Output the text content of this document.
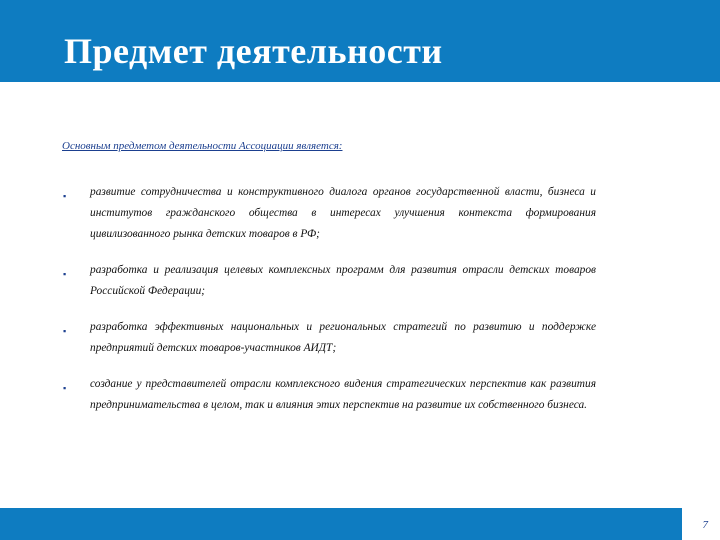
Предмет деятельности
Основным предметом деятельности Ассоциации является:
▪ развитие сотрудничества и конструктивного диалога органов государственной власти, бизнеса и институтов гражданского общества в интересах улучшения контекста формирования цивилизованного рынка детских товаров в РФ;
▪ разработка и реализация целевых комплексных программ для развития отрасли детских товаров Российской Федерации;
▪ разработка эффективных национальных и региональных стратегий по развитию и поддержке предприятий детских товаров-участников АИДТ;
▪ создание у представителей отрасли комплексного видения стратегических перспектив как развития предпринимательства в целом, так и влияния этих перспектив на развитие их собственного бизнеса.
7
